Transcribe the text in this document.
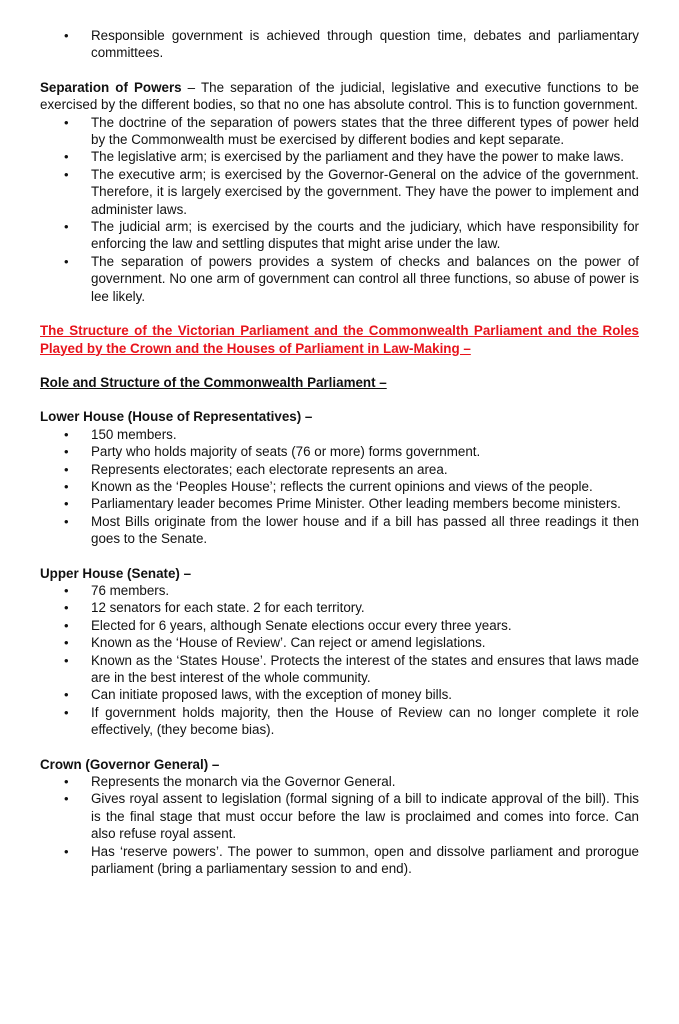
• Responsible government is achieved through question time, debates and parliamentary committees.

Separation of Powers – The separation of the judicial, legislative and executive functions to be exercised by the different bodies, so that no one has absolute control. This is to function government.

• The doctrine of the separation of powers states that the three different types of power held by the Commonwealth must be exercised by different bodies and kept separate.
• The legislative arm; is exercised by the parliament and they have the power to make laws.
• The executive arm; is exercised by the Governor-General on the advice of the government. Therefore, it is largely exercised by the government. They have the power to implement and administer laws.
• The judicial arm; is exercised by the courts and the judiciary, which have responsibility for enforcing the law and settling disputes that might arise under the law.
• The separation of powers provides a system of checks and balances on the power of government. No one arm of government can control all three functions, so abuse of power is lee likely.
The Structure of the Victorian Parliament and the Commonwealth Parliament and the Roles Played by the Crown and the Houses of Parliament in Law-Making –
Role and Structure of the Commonwealth Parliament –
Lower House (House of Representatives) –
• 150 members.
• Party who holds majority of seats (76 or more) forms government.
• Represents electorates; each electorate represents an area.
• Known as the ‘Peoples House’; reflects the current opinions and views of the people.
• Parliamentary leader becomes Prime Minister. Other leading members become ministers.
• Most Bills originate from the lower house and if a bill has passed all three readings it then goes to the Senate.
Upper House (Senate) –
• 76 members.
• 12 senators for each state. 2 for each territory.
• Elected for 6 years, although Senate elections occur every three years.
• Known as the ‘House of Review’. Can reject or amend legislations.
• Known as the ‘States House’. Protects the interest of the states and ensures that laws made are in the best interest of the whole community.
• Can initiate proposed laws, with the exception of money bills.
• If government holds majority, then the House of Review can no longer complete it role effectively, (they become bias).
Crown (Governor General) –
• Represents the monarch via the Governor General.
• Gives royal assent to legislation (formal signing of a bill to indicate approval of the bill). This is the final stage that must occur before the law is proclaimed and comes into force. Can also refuse royal assent.
• Has ‘reserve powers’. The power to summon, open and dissolve parliament and prorogue parliament (bring a parliamentary session to and end).
